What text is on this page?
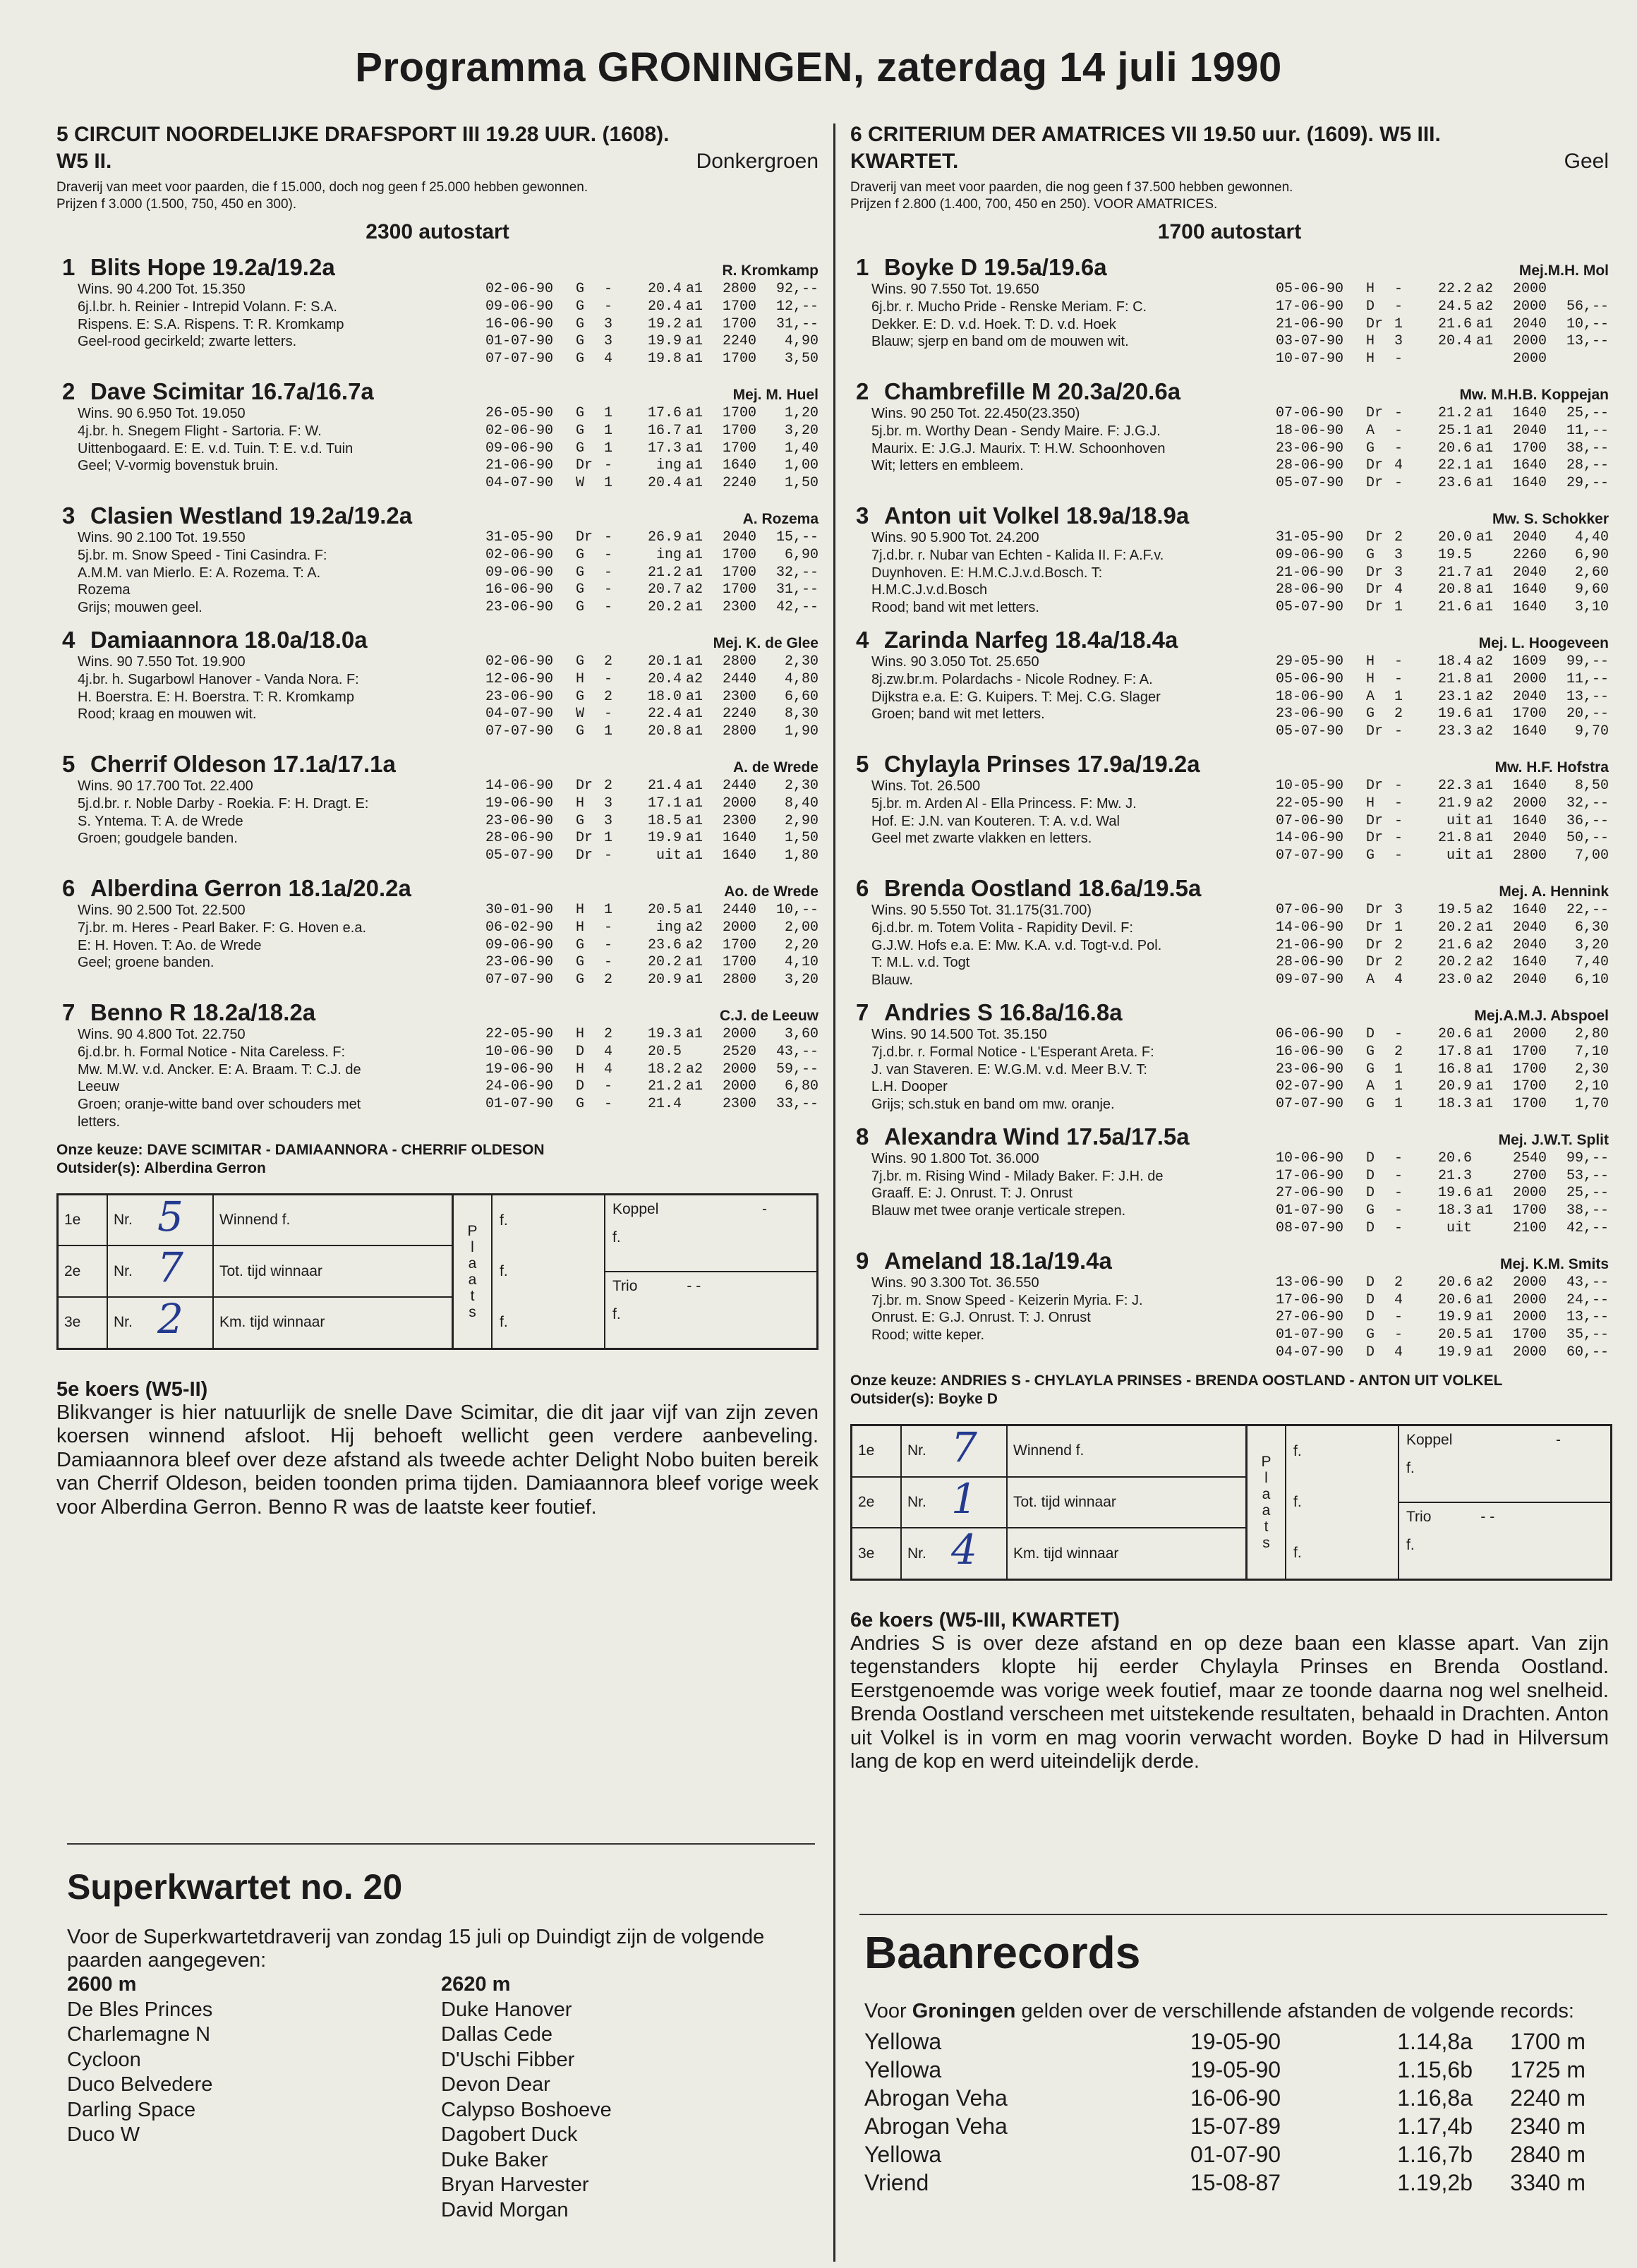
Programma GRONINGEN, zaterdag 14 juli 1990
5 CIRCUIT NOORDELIJKE DRAFSPORT III 19.28 UUR. (1608).
W5 II.	Donkergroen
Draverij van meet voor paarden, die f 15.000, doch nog geen f 25.000 hebben gewonnen.
Prijzen f 3.000 (1.500, 750, 450 en 300).
2300 autostart
1 Blits Hope 19.2a/19.2a	R. Kromkamp
Wins. 90 4.200 Tot. 15.350
6j.l.br. h. Reinier - Intrepid Volann. F: S.A.
Rispens. E: S.A. Rispens. T: R. Kromkamp
Geel-rood gecirkeld; zwarte letters.
02-06-90	G	-	20.4 a1	2800	92,--
09-06-90	G	-	20.4 a1	1700	12,--
16-06-90	G	3	19.2 a1	1700	31,--
01-07-90	G	3	19.9 a1	2240	4,90
07-07-90	G	4	19.8 a1	1700	3,50
2 Dave Scimitar 16.7a/16.7a	Mej. M. Huel
Wins. 90 6.950 Tot. 19.050
4j.br. h. Snegem Flight - Sartoria. F: W.
Uittenbogaard. E: E. v.d. Tuin. T: E. v.d. Tuin
Geel; V-vormig bovenstuk bruin.
26-05-90	G	1	17.6 a1	1700	1,20
02-06-90	G	1	16.7 a1	1700	3,20
09-06-90	G	1	17.3 a1	1700	1,40
21-06-90	Dr -	ing a1	1640	1,00
04-07-90	W	1	20.4 a1	2240	1,50
3 Clasien Westland 19.2a/19.2a	A. Rozema
Wins. 90 2.100 Tot. 19.550
5j.br. m. Snow Speed - Tini Casindra. F:
A.M.M. van Mierlo. E: A. Rozema. T: A.
Rozema
Grijs; mouwen geel.
31-05-90	Dr -	26.9 a1	2040	15,--
02-06-90	G	-	ing a1	1700	6,90
09-06-90	G	-	21.2 a1	1700	32,--
16-06-90	G	-	20.7 a2	1700	31,--
23-06-90	G	-	20.2 a1	2300	42,--
4 Damiaannora 18.0a/18.0a	Mej. K. de Glee
Wins. 90 7.550 Tot. 19.900
4j.br. h. Sugarbowl Hanover - Vanda Nora. F:
H. Boerstra. E: H. Boerstra. T: R. Kromkamp
Rood; kraag en mouwen wit.
02-06-90	G	2	20.1 a1	2800	2,30
12-06-90	H	-	20.4 a2	2440	4,80
23-06-90	G	2	18.0 a1	2300	6,60
04-07-90	W	-	22.4 a1	2240	8,30
07-07-90	G	1	20.8 a1	2800	1,90
5 Cherrif Oldeson 17.1a/17.1a	A. de Wrede
Wins. 90 17.700 Tot. 22.400
5j.d.br. r. Noble Darby - Roekia. F: H. Dragt. E:
S. Yntema. T: A. de Wrede
Groen; goudgele banden.
14-06-90	Dr 2	21.4 a1	2440	2,30
19-06-90	H	3	17.1 a1	2000	8,40
23-06-90	G	3	18.5 a1	2300	2,90
28-06-90	Dr 1	19.9 a1	1640	1,50
05-07-90	Dr -	uit a1	1640	1,80
6 Alberdina Gerron 18.1a/20.2a	Ao. de Wrede
Wins. 90 2.500 Tot. 22.500
7j.br. m. Heres - Pearl Baker. F: G. Hoven e.a.
E: H. Hoven. T: Ao. de Wrede
Geel; groene banden.
30-01-90	H	1	20.5 a1	2440	10,--
06-02-90	H	-	ing a2	2000	2,00
09-06-90	G	-	23.6 a2	1700	2,20
23-06-90	G	-	20.2 a1	1700	4,10
07-07-90	G	2	20.9 a1	2800	3,20
7 Benno R 18.2a/18.2a	C.J. de Leeuw
Wins. 90 4.800 Tot. 22.750
6j.d.br. h. Formal Notice - Nita Careless. F:
Mw. M.W. v.d. Ancker. E: A. Braam. T: C.J. de
Leeuw
Groen; oranje-witte band over schouders met
letters.
22-05-90	H	2	19.3 a1	2000	3,60
10-06-90	D	4	20.5	2520	43,--
19-06-90	H	4	18.2 a2	2000	59,--
24-06-90	D	-	21.2 a1	2000	6,80
01-07-90	G	-	21.4	2300	33,--
Onze keuze: DAVE SCIMITAR - DAMIAANNORA - CHERRIF OLDESON
Outsider(s): Alberdina Gerron
1e	Nr. 5	Winnend f.
2e	Nr. 7	Tot. tijd winnaar
3e	Nr. 2	Km. tijd winnaar
P
l
a
a
t
s
f.
f.
f.
Koppel	-
f.
Trio	- -
f.
5e koers (W5-II)

Blikvanger is hier natuurlijk de snelle Dave Scimitar, die dit jaar vijf van zijn zeven koersen winnend afsloot. Hij behoeft wellicht geen verdere aanbeveling. Damiaannora bleef over deze afstand als tweede achter Delight Nobo buiten bereik van Cherrif Oldeson, beiden toonden prima tijden. Damiaannora bleef vorige week voor Alberdina Gerron. Benno R was de laatste keer foutief.

6 CRITERIUM DER AMATRICES VII 19.50 uur. (1609). W5 III.
KWARTET.	Geel
Draverij van meet voor paarden, die nog geen f 37.500 hebben gewonnen.
Prijzen f 2.800 (1.400, 700, 450 en 250). VOOR AMATRICES.
1700 autostart
1 Boyke D 19.5a/19.6a	Mej.M.H. Mol
Wins. 90 7.550 Tot. 19.650
6j.br. r. Mucho Pride - Renske Meriam. F: C.
Dekker. E: D. v.d. Hoek. T: D. v.d. Hoek
Blauw; sjerp en band om de mouwen wit.
05-06-90	H	-	22.2 a2	2000
17-06-90	D	-	24.5 a2	2000	56,--
21-06-90	Dr 1	21.6 a1	2040	10,--
03-07-90	H	3	20.4 a1	2000	13,--
10-07-90	H	-	2000
2 Chambrefille M 20.3a/20.6a	Mw. M.H.B. Koppejan
Wins. 90 250 Tot. 22.450(23.350)
5j.br. m. Worthy Dean - Sendy Maire. F: J.G.J.
Maurix. E: J.G.J. Maurix. T: H.W. Schoonhoven
Wit; letters en embleem.
07-06-90	Dr -	21.2 a1	1640	25,--
18-06-90	A	-	25.1 a1	2040	11,--
23-06-90	G	-	20.6 a1	1700	38,--
28-06-90	Dr 4	22.1 a1	1640	28,--
05-07-90	Dr -	23.6 a1	1640	29,--
3 Anton uit Volkel 18.9a/18.9a	Mw. S. Schokker
Wins. 90 5.900 Tot. 24.200
7j.d.br. r. Nubar van Echten - Kalida II. F: A.F.v.
Duynhoven. E: H.M.C.J.v.d.Bosch. T:
H.M.C.J.v.d.Bosch
Rood; band wit met letters.
31-05-90	Dr 2	20.0 a1	2040	4,40
09-06-90	G	3	19.5	2260	6,90
21-06-90	Dr 3	21.7 a1	2040	2,60
28-06-90	Dr 4	20.8 a1	1640	9,60
05-07-90	Dr 1	21.6 a1	1640	3,10
4 Zarinda Narfeg 18.4a/18.4a	Mej. L. Hoogeveen
Wins. 90 3.050 Tot. 25.650
8j.zw.br.m. Polardachs - Nicole Rodney. F: A.
Dijkstra e.a. E: G. Kuipers. T: Mej. C.G. Slager
Groen; band wit met letters.
29-05-90	H	-	18.4 a2	1609	99,--
05-06-90	H	-	21.8 a1	2000	11,--
18-06-90	A	1	23.1 a2	2040	13,--
23-06-90	G	2	19.6 a1	1700	20,--
05-07-90	Dr -	23.3 a2	1640	9,70
5 Chylayla Prinses 17.9a/19.2a	Mw. H.F. Hofstra
Wins. Tot. 26.500
5j.br. m. Arden Al - Ella Princess. F: Mw. J.
Hof. E: J.N. van Kouteren. T: A. v.d. Wal
Geel met zwarte vlakken en letters.
10-05-90	Dr -	22.3 a1	1640	8,50
22-05-90	H	-	21.9 a2	2000	32,--
07-06-90	Dr -	uit a1	1640	36,--
14-06-90	Dr -	21.8 a1	2040	50,--
07-07-90	G	-	uit a1	2800	7,00
6 Brenda Oostland 18.6a/19.5a	Mej. A. Hennink
Wins. 90 5.550 Tot. 31.175(31.700)
6j.d.br. m. Totem Volita - Rapidity Devil. F:
G.J.W. Hofs e.a. E: Mw. K.A. v.d. Togt-v.d. Pol.
T: M.L. v.d. Togt
Blauw.
07-06-90	Dr 3	19.5 a2	1640	22,--
14-06-90	Dr 1	20.2 a1	2040	6,30
21-06-90	Dr 2	21.6 a2	2040	3,20
28-06-90	Dr 2	20.2 a2	1640	7,40
09-07-90	A	4	23.0 a2	2040	6,10
7 Andries S 16.8a/16.8a	Mej.A.M.J. Abspoel
Wins. 90 14.500 Tot. 35.150
7j.d.br. r. Formal Notice - L'Esperant Areta. F:
J. van Staveren. E: W.G.M. v.d. Meer B.V. T:
L.H. Dooper
Grijs; sch.stuk en band om mw. oranje.
06-06-90	D	-	20.6 a1	2000	2,80
16-06-90	G	2	17.8 a1	1700	7,10
23-06-90	G	1	16.8 a1	1700	2,30
02-07-90	A	1	20.9 a1	1700	2,10
07-07-90	G	1	18.3 a1	1700	1,70
8 Alexandra Wind 17.5a/17.5a	Mej. J.W.T. Split
Wins. 90 1.800 Tot. 36.000
7j.br. m. Rising Wind - Milady Baker. F: J.H. de
Graaff. E: J. Onrust. T: J. Onrust
Blauw met twee oranje verticale strepen.
10-06-90	D	-	20.6	2540	99,--
17-06-90	D	-	21.3	2700	53,--
27-06-90	D	-	19.6 a1	2000	25,--
01-07-90	G	-	18.3 a1	1700	38,--
08-07-90	D	-	uit	2100	42,--
9 Ameland 18.1a/19.4a	Mej. K.M. Smits
Wins. 90 3.300 Tot. 36.550
7j.br. m. Snow Speed - Keizerin Myria. F: J.
Onrust. E: G.J. Onrust. T: J. Onrust
Rood; witte keper.
13-06-90	D	2	20.6 a2	2000	43,--
17-06-90	D	4	20.6 a1	2000	24,--
27-06-90	D	-	19.9 a1	2000	13,--
01-07-90	G	-	20.5 a1	1700	35,--
04-07-90	D	4	19.9 a1	2000	60,--
Onze keuze: ANDRIES S - CHYLAYLA PRINSES - BRENDA OOSTLAND - ANTON UIT VOLKEL
Outsider(s): Boyke D
1e	Nr. 7	Winnend f.
2e	Nr. 1	Tot. tijd winnaar
3e	Nr. 4	Km. tijd winnaar
P
l
a
a
t
s
f.
f.
f.
Koppel	-
f.
Trio	- -
f.
6e koers (W5-III, KWARTET)

Andries S is over deze afstand en op deze baan een klasse apart. Van zijn tegenstanders klopte hij eerder Chylayla Prinses en Brenda Oostland. Eerstgenoemde was vorige week foutief, maar ze toonde daarna nog wel snelheid. Brenda Oostland verscheen met uitstekende resultaten, behaald in Drachten. Anton uit Volkel is in vorm en mag voorin verwacht worden. Boyke D had in Hilversum lang de kop en werd uiteindelijk derde.

Superkwartet no. 20

Voor de Superkwartetdraverij van zondag 15 juli op Duindigt zijn de volgende paarden aangegeven:

2600 m
De Bles Princes
Charlemagne N
Cycloon
Duco Belvedere
Darling Space
Duco W
2620 m
Duke Hanover
Dallas Cede
D'Uschi Fibber
Devon Dear
Calypso Boshoeve
Dagobert Duck
Duke Baker
Bryan Harvester
David Morgan
Baanrecords

Voor Groningen gelden over de verschillende afstanden de volgende records:

Yellowa	19-05-90	1.14,8a	1700 m
Yellowa	19-05-90	1.15,6b	1725 m
Abrogan Veha	16-06-90	1.16,8a	2240 m
Abrogan Veha	15-07-89	1.17,4b	2340 m
Yellowa	01-07-90	1.16,7b	2840 m
Vriend	15-08-87	1.19,2b	3340 m
